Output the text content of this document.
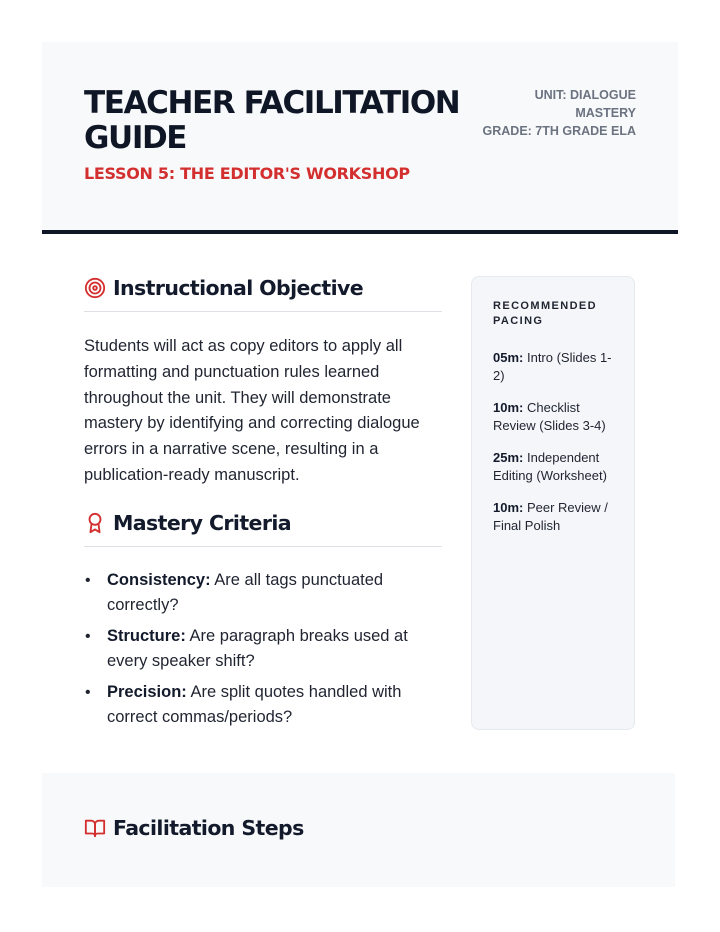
TEACHER FACILITATION GUIDE
LESSON 5: THE EDITOR'S WORKSHOP
UNIT: DIALOGUE MASTERY
GRADE: 7TH GRADE ELA
Instructional Objective

Students will act as copy editors to apply all formatting and punctuation rules learned throughout the unit. They will demonstrate mastery by identifying and correcting dialogue errors in a narrative scene, resulting in a publication-ready manuscript.

Mastery Criteria
• Consistency: Are all tags punctuated correctly?
• Structure: Are paragraph breaks used at every speaker shift?
• Precision: Are split quotes handled with correct commas/periods?
RECOMMENDED PACING
05m: Intro (Slides 1-2)
10m: Checklist Review (Slides 3-4)
25m: Independent Editing (Worksheet)
10m: Peer Review / Final Polish
Facilitation Steps
